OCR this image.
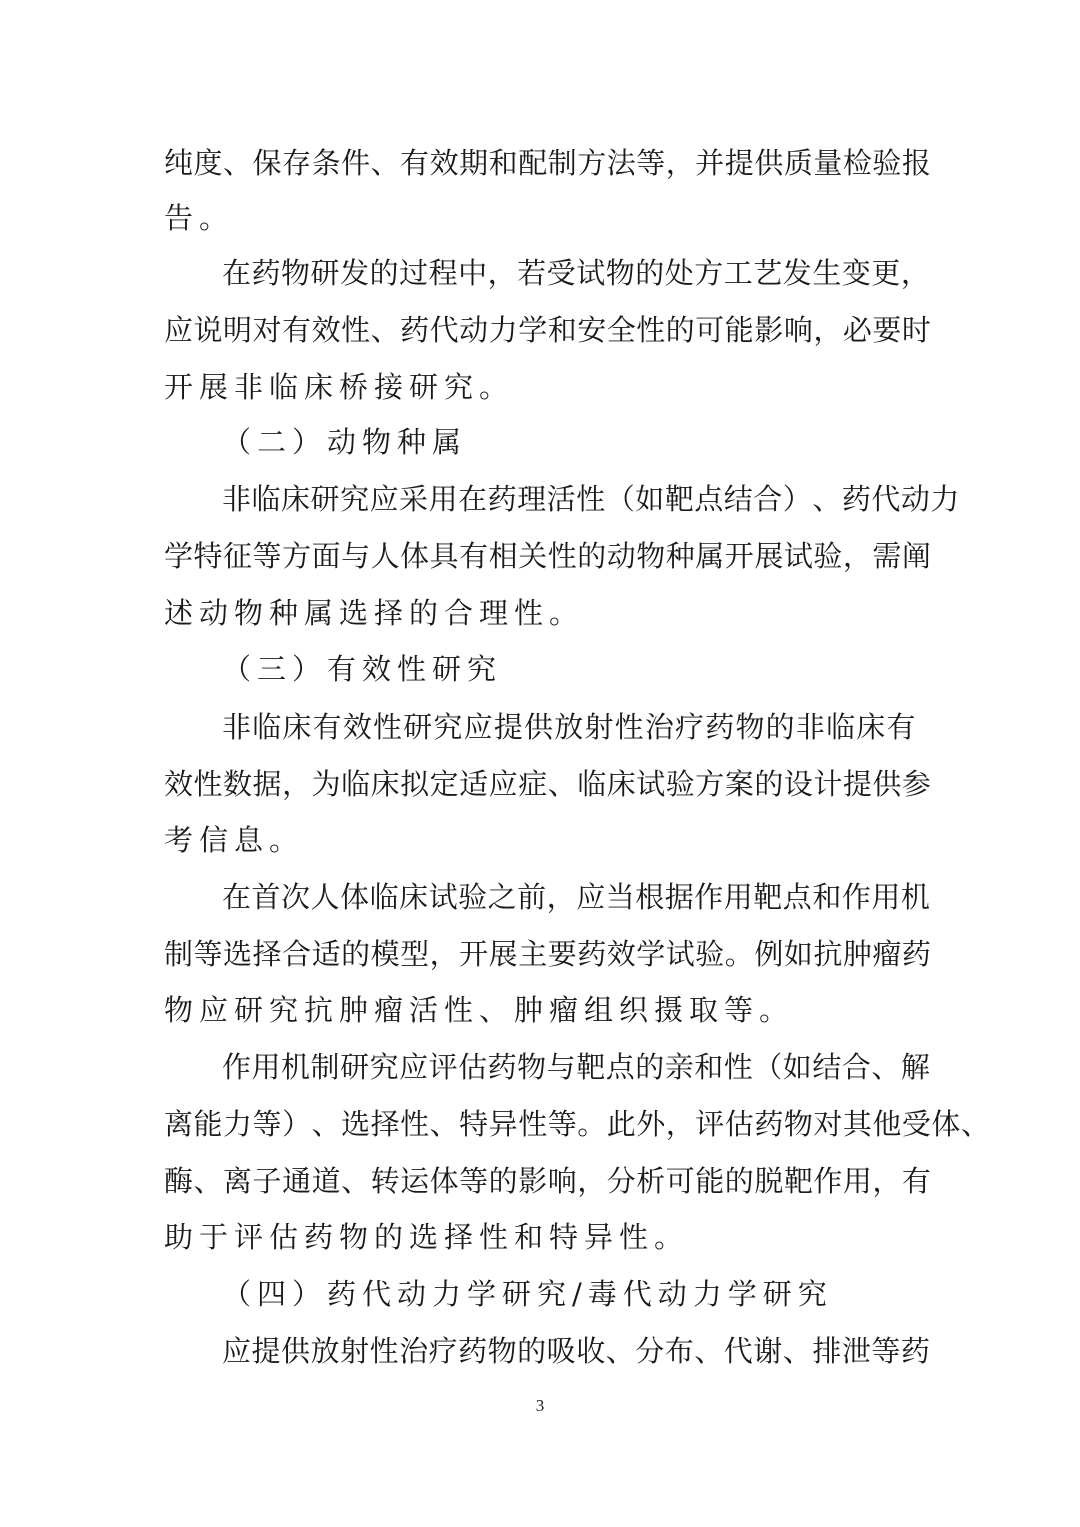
纯 度 、 保 存 条 件 、 有 效 期 和 配 制 方 法 等 ， 并 提 供 质 量 检 验 报
告。
在 药 物 研 发 的 过 程 中 ， 若 受 试 物 的 处 方 工 艺 发 生 变 更 ，
应 说 明 对 有 效 性 、 药 代 动 力 学 和 安 全 性 的 可 能 影 响 ， 必 要 时
开展非临床桥接研究。
（二）动物种属
非 临 床 研 究 应 采 用 在 药 理 活 性 （ 如 靶 点 结 合 ） 、 药 代 动 力
学 特 征 等 方 面 与 人 体 具 有 相 关 性 的 动 物 种 属 开 展 试 验 ， 需 阐
述动物种属选择的合理性。
（三）有效性研究
非 临 床 有 效 性 研 究 应 提 供 放 射 性 治 疗 药 物 的 非 临 床 有
效 性 数 据 ， 为 临 床 拟 定 适 应 症 、 临 床 试 验 方 案 的 设 计 提 供 参
考信息。
在 首 次 人 体 临 床 试 验 之 前 ， 应 当 根 据 作 用 靶 点 和 作 用 机
制 等 选 择 合 适 的 模 型 ， 开 展 主 要 药 效 学 试 验 。 例 如 抗 肿 瘤 药
物应研究抗肿瘤活性、肿瘤组织摄取等。
作 用 机 制 研 究 应 评 估 药 物 与 靶 点 的 亲 和 性 （ 如 结 合 、 解
离 能 力 等 ） 、 选 择 性 、 特 异 性 等 。 此 外 ， 评 估 药 物 对 其 他 受 体 、
酶 、 离 子 通 道 、 转 运 体 等 的 影 响 ， 分 析 可 能 的 脱 靶 作 用 ， 有
助于评估药物的选择性和特异性。
（四）药代动力学研究/毒代动力学研究
应 提 供 放 射 性 治 疗 药 物 的 吸 收 、 分 布 、 代 谢 、 排 泄 等 药
3
